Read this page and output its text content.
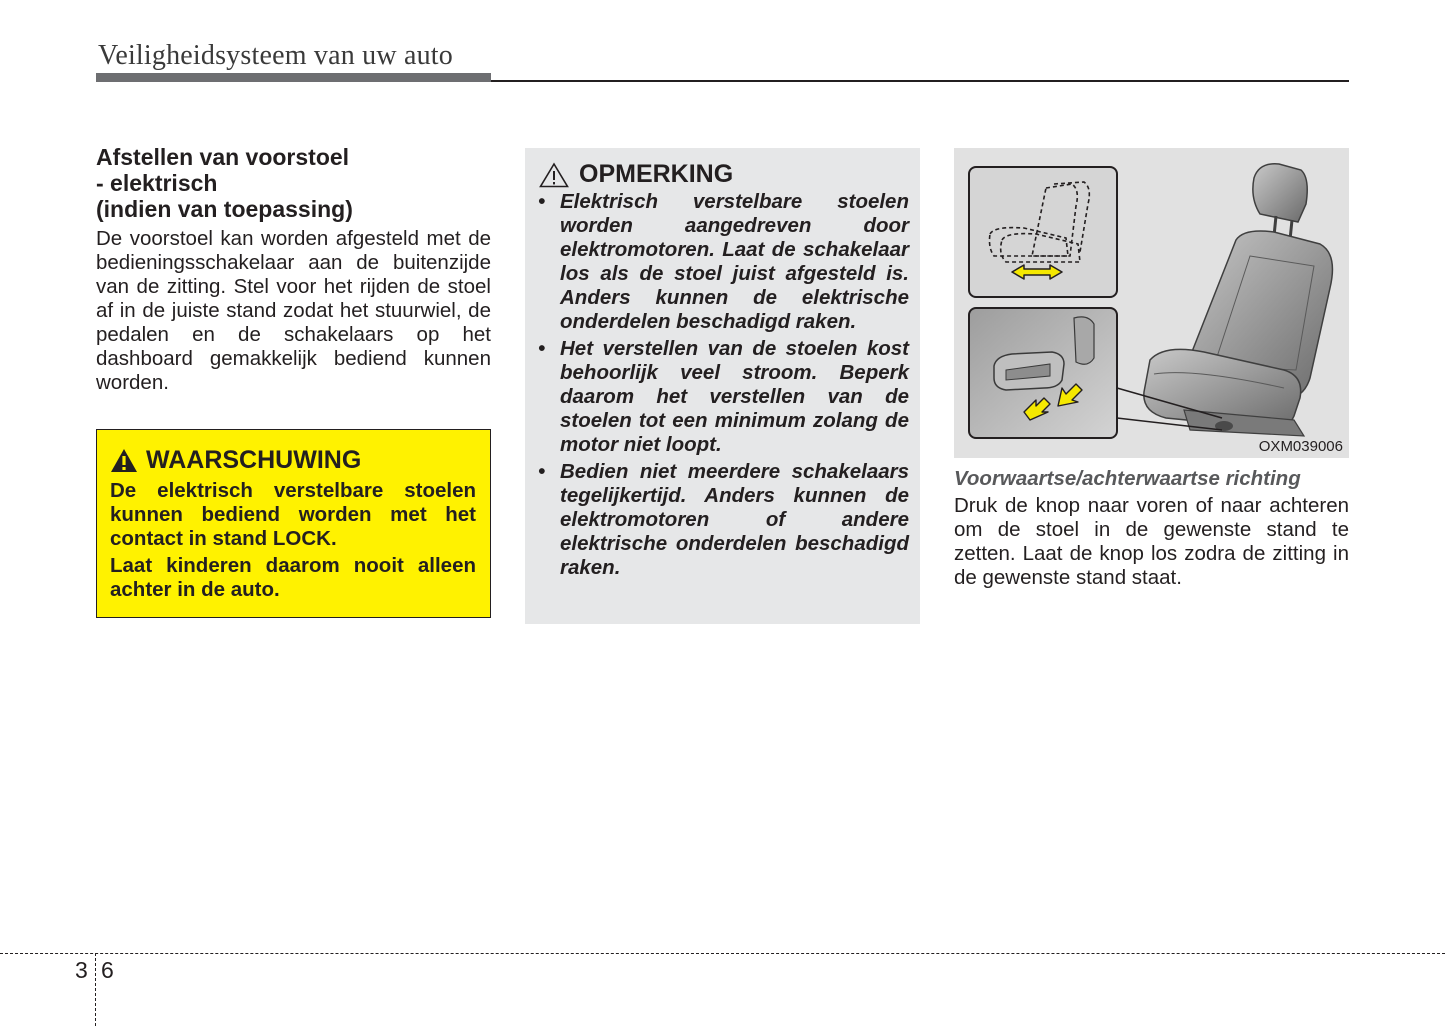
Veiligheidsysteem van uw auto
Afstellen van voorstoel
- elektrisch
(indien van toepassing)

De voorstoel kan worden afgesteld met de bedieningsschakelaar aan de buitenzijde van de zitting. Stel voor het rijden de stoel af in de juiste stand zodat het stuurwiel, de pedalen en de schakelaars op het dashboard gemakkelijk bediend kunnen worden.

WAARSCHUWING

De elektrisch verstelbare stoelen kunnen bediend worden met het contact in stand LOCK.

Laat kinderen daarom nooit alleen achter in de auto.

OPMERKING
• Elektrisch verstelbare stoelen worden aangedreven door elektromotoren. Laat de schakelaar los als de stoel juist afgesteld is. Anders kunnen de elektrische onderdelen beschadigd raken.
• Het verstellen van de stoelen kost behoorlijk veel stroom. Beperk daarom het verstellen van de stoelen tot een minimum zolang de motor niet loopt.
• Bedien niet meerdere schakelaars tegelijkertijd. Anders kunnen de elektromotoren of andere elektrische onderdelen beschadigd raken.
OXM039006
Voorwaartse/achterwaartse richting

Druk de knop naar voren of naar achteren om de stoel in de gewenste stand te zetten. Laat de knop los zodra de zitting in de gewenste stand staat.

3 6
